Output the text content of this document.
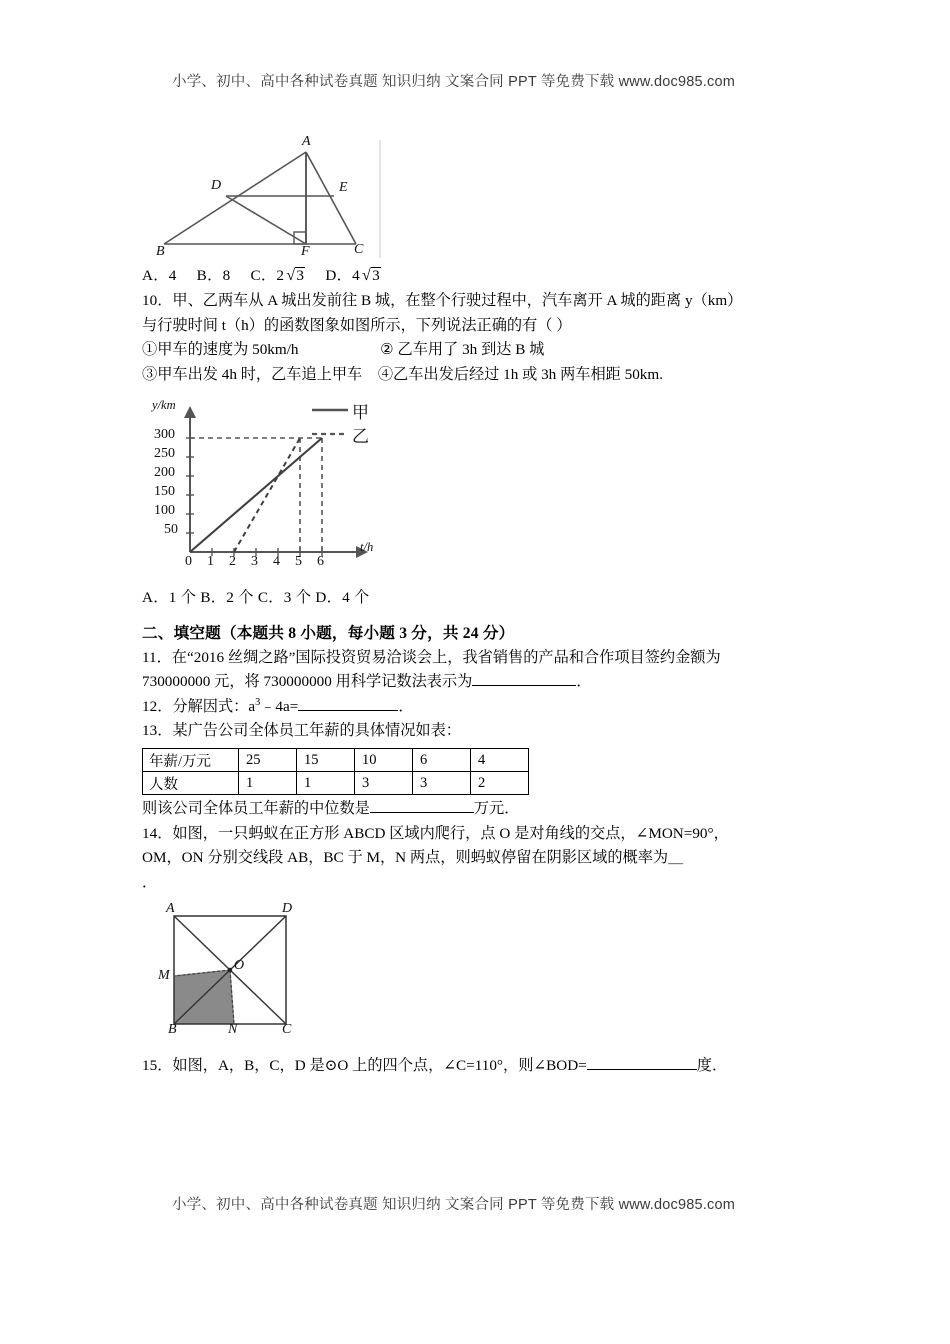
小学、初中、高中各种试卷真题 知识归纳 文案合同 PPT 等免费下载 www.doc985.com
A
D	E
B	F	C
A．4 B．8 C．2 √3 D．4 √3

10．甲、乙两车从 A 城出发前往 B 城，在整个行驶过程中，汽车离开 A 城的距离 y（km）

与行驶时间 t（h）的函数图象如图所示，下列说法正确的有（ ）

①甲车的速度为 50km/h	② 乙车用了 3h 到达 B 城

③甲车出发 4h 时，乙车追上甲车 ④乙车出发后经过 1h 或 3h 两车相距 50km.

y/km
t/h
300
250
200
150
100
50
0 1 2 3 4 5 6
甲
乙
A．1 个 B．2 个 C．3 个 D．4 个
二、填空题（本题共 8 小题，每小题 3 分，共 24 分）

11．在“2016 丝绸之路”国际投资贸易洽谈会上，我省销售的产品和合作项目签约金额为

730000000 元，将 730000000 用科学记数法表示为	．

12．分解因式：$a^3﹣4a=$	．

13．某广告公司全体员工年薪的具体情况如表：

年薪/万元	25	15	10	6	4
人数	1	1	3	3	2

则该公司全体员工年薪的中位数是	万元．

14．如图，一只蚂蚁在正方形 ABCD 区域内爬行，点 O 是对角线的交点，∠MON=90°，

OM，ON 分别交线段 AB，BC 于 M，N 两点，则蚂蚁停留在阴影区域的概率为＿

．

A	D
M
O
B	N	C

15．如图，A，B，C，D 是⊙O 上的四个点，∠C=110°，则∠BOD=	度．

小学、初中、高中各种试卷真题 知识归纳 文案合同 PPT 等免费下载 www.doc985.com
